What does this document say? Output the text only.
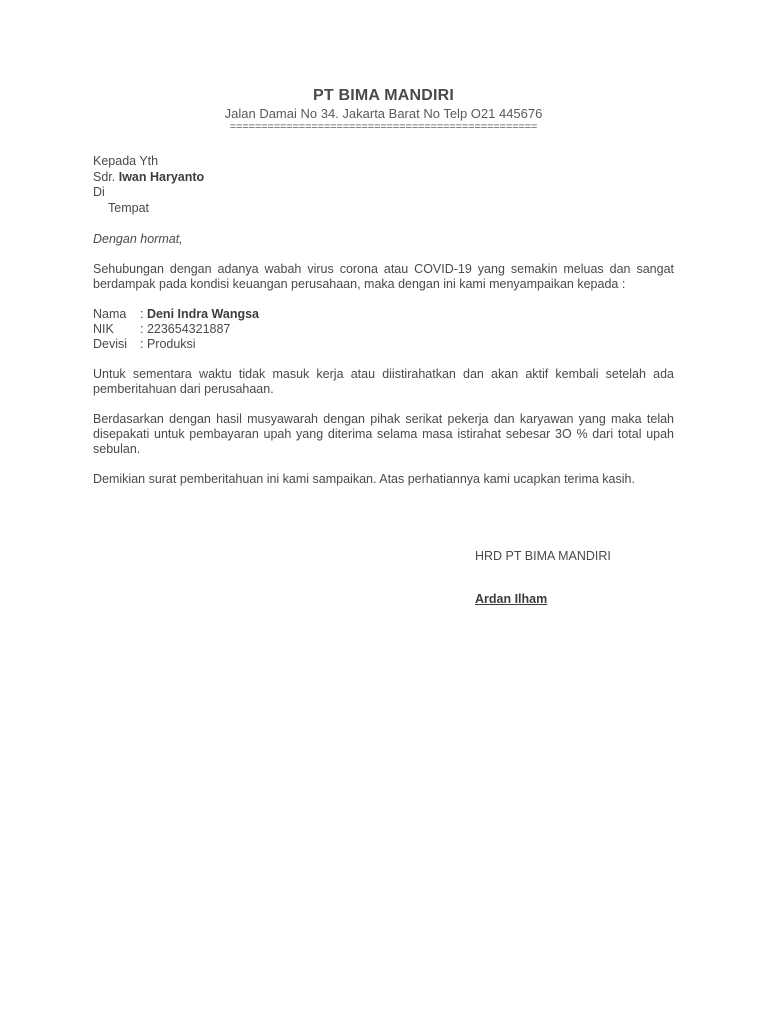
PT BIMA MANDIRI
Jalan Damai No 34. Jakarta Barat No Telp O21 445676
=================================================
Kepada Yth
Sdr. Iwan Haryanto
Di
Tempat
Dengan hormat,
Sehubungan dengan adanya wabah virus corona atau COVID-19 yang semakin meluas dan sangat berdampak pada kondisi keuangan perusahaan, maka dengan ini kami menyampaikan kepada :
Nama	: Deni Indra Wangsa
NIK	: 223654321887
Devisi	: Produksi
Untuk sementara waktu tidak masuk kerja atau diistirahatkan dan akan aktif kembali setelah ada pemberitahuan dari perusahaan.
Berdasarkan dengan hasil musyawarah dengan pihak serikat pekerja dan karyawan yang maka telah disepakati untuk pembayaran upah yang diterima selama masa istirahat sebesar 3O % dari total upah sebulan.
Demikian surat pemberitahuan ini kami sampaikan. Atas perhatiannya kami ucapkan terima kasih.
HRD PT BIMA MANDIRI
Ardan Ilham
